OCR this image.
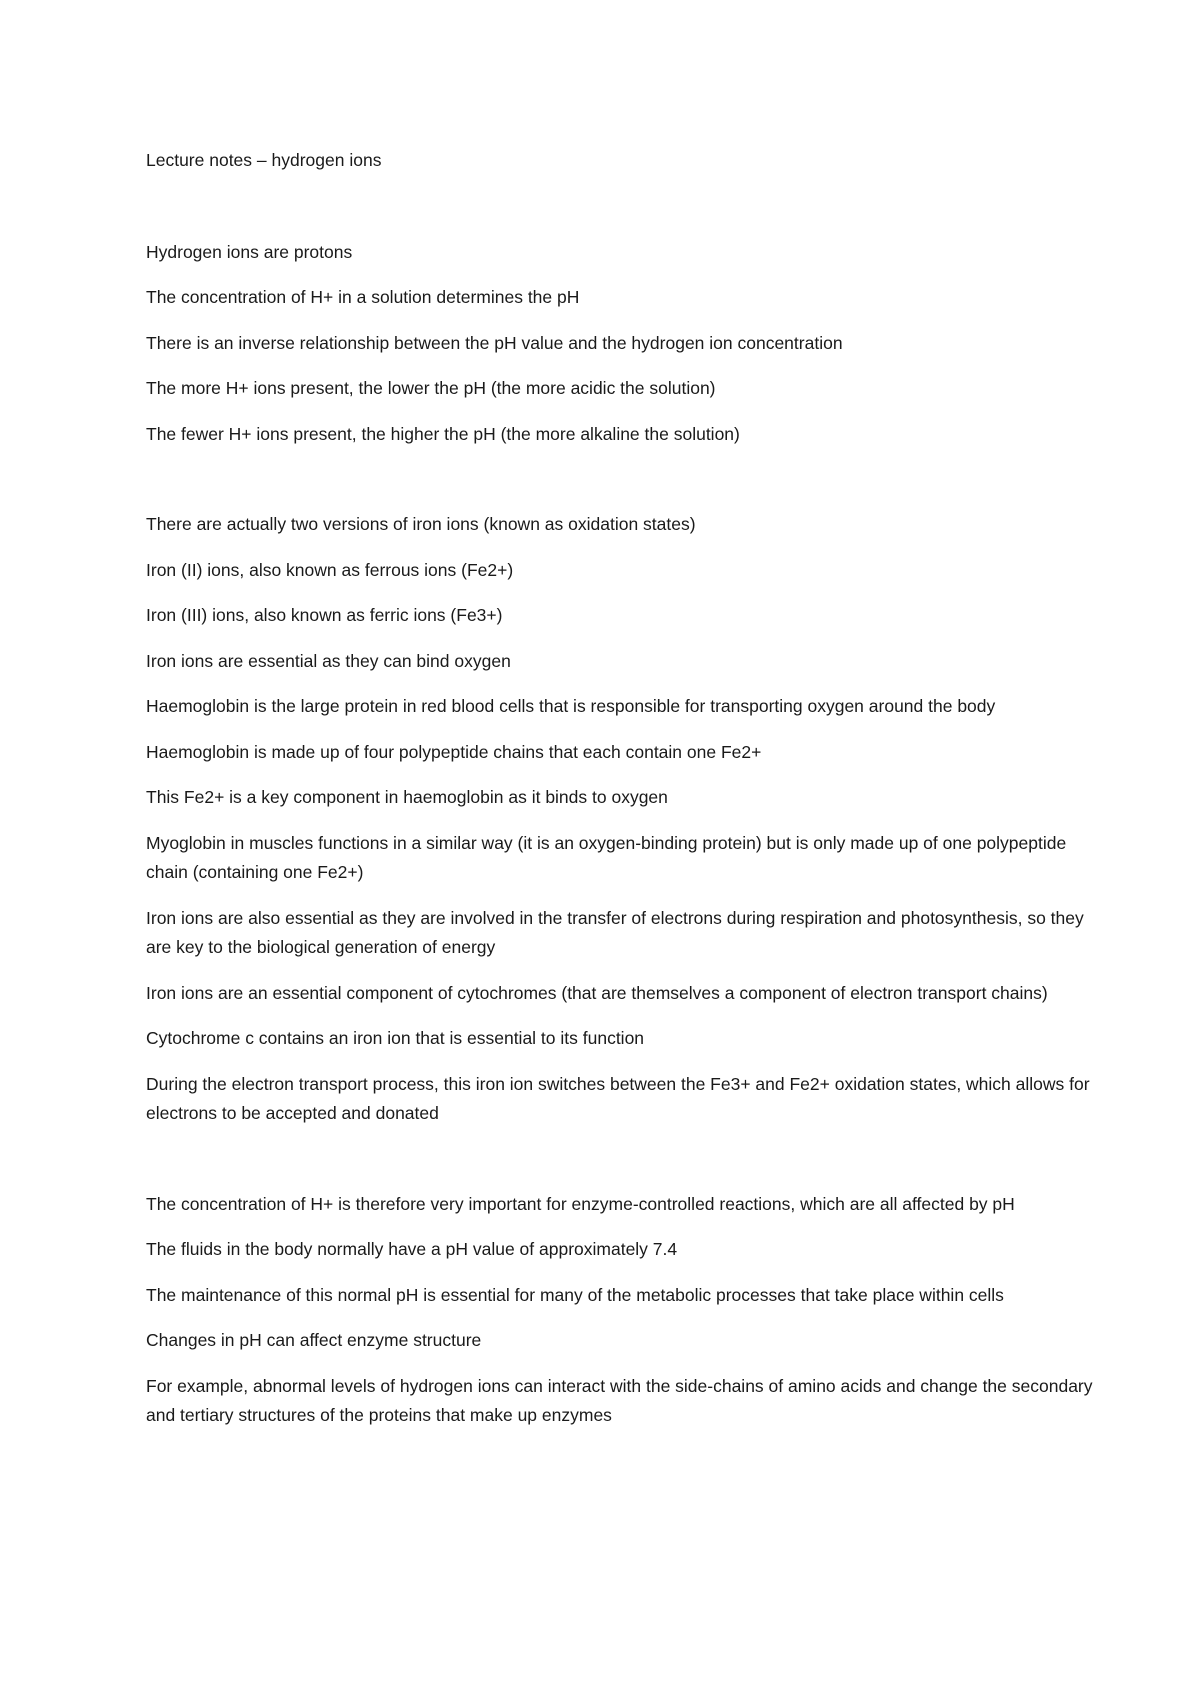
Lecture notes – hydrogen ions

Hydrogen ions are protons

The concentration of H+ in a solution determines the pH

There is an inverse relationship between the pH value and the hydrogen ion concentration

The more H+ ions present, the lower the pH (the more acidic the solution)

The fewer H+ ions present, the higher the pH (the more alkaline the solution)

There are actually two versions of iron ions (known as oxidation states)

Iron (II) ions, also known as ferrous ions (Fe2+)

Iron (III) ions, also known as ferric ions (Fe3+)

Iron ions are essential as they can bind oxygen

Haemoglobin is the large protein in red blood cells that is responsible for transporting oxygen around the body

Haemoglobin is made up of four polypeptide chains that each contain one Fe2+

This Fe2+ is a key component in haemoglobin as it binds to oxygen

Myoglobin in muscles functions in a similar way (it is an oxygen-binding protein) but is only made up of one polypeptide chain (containing one Fe2+)

Iron ions are also essential as they are involved in the transfer of electrons during respiration and photosynthesis, so they are key to the biological generation of energy

Iron ions are an essential component of cytochromes (that are themselves a component of electron transport chains)

Cytochrome c contains an iron ion that is essential to its function

During the electron transport process, this iron ion switches between the Fe3+ and Fe2+ oxidation states, which allows for electrons to be accepted and donated

The concentration of H+ is therefore very important for enzyme-controlled reactions, which are all affected by pH

The fluids in the body normally have a pH value of approximately 7.4

The maintenance of this normal pH is essential for many of the metabolic processes that take place within cells

Changes in pH can affect enzyme structure

For example, abnormal levels of hydrogen ions can interact with the side-chains of amino acids and change the secondary and tertiary structures of the proteins that make up enzymes
